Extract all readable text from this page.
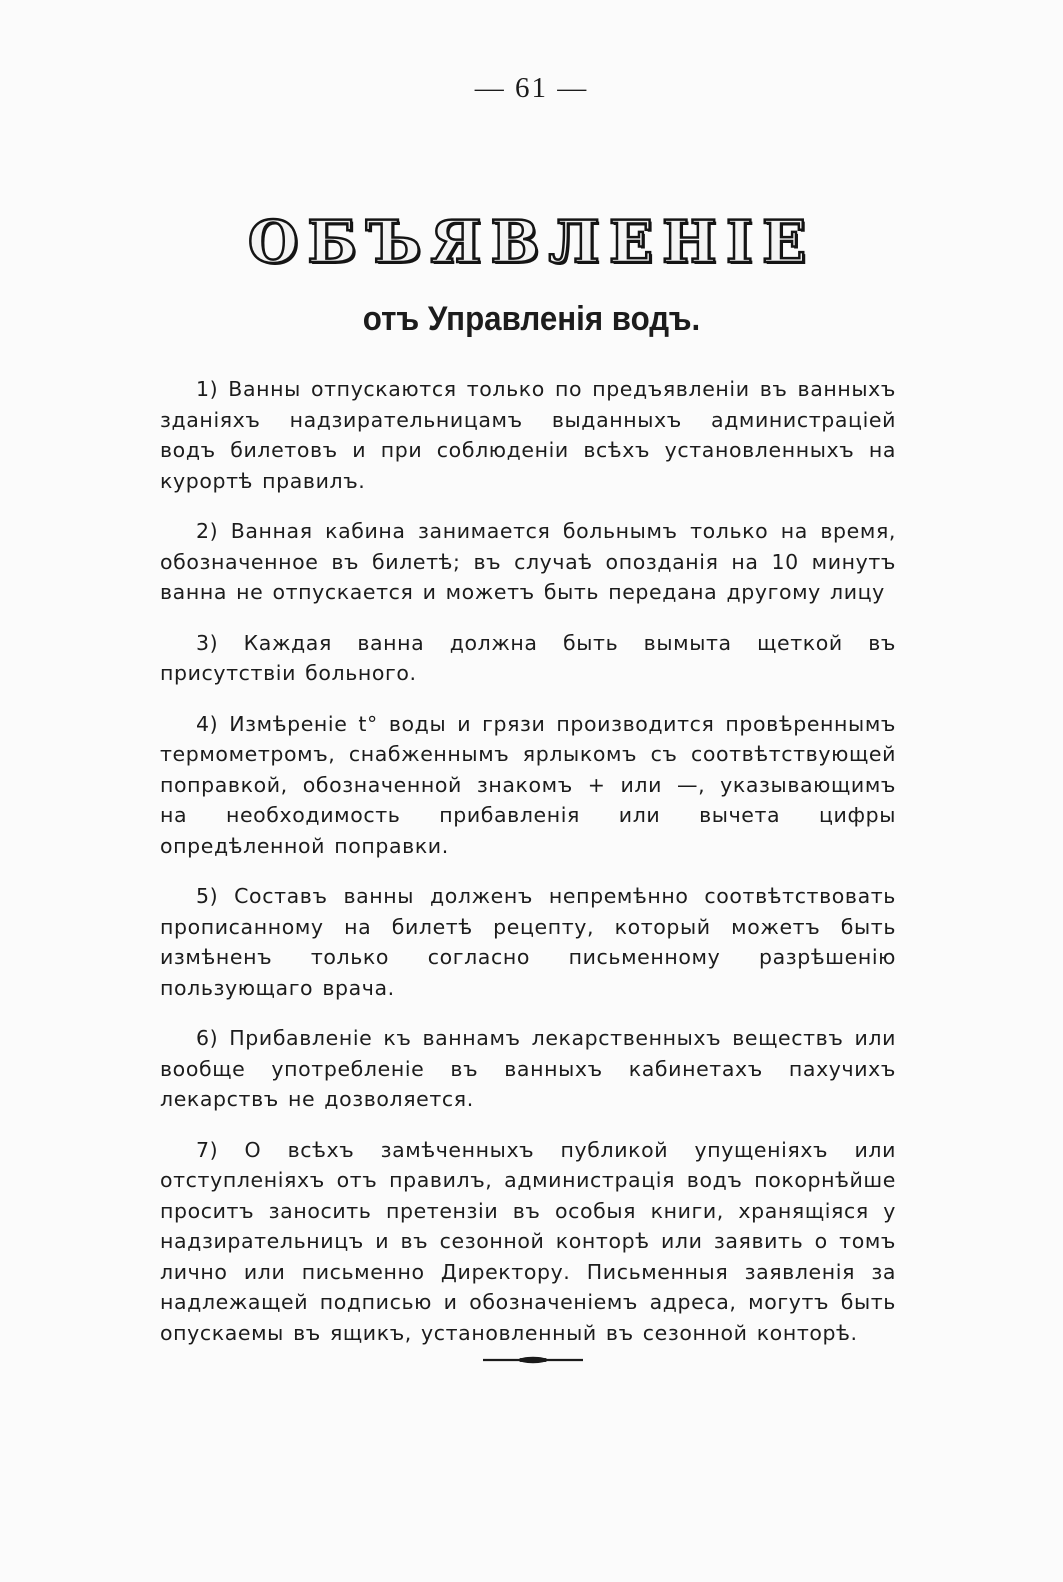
— 61 —
ОБЪЯВЛЕНІЕ
отъ Управленія водъ.

1) Ванны отпускаются только по предъявленіи въ ванныхъ зданіяхъ надзирательницамъ выданныхъ администраціей водъ билетовъ и при соблюденіи всѣхъ установленныхъ на курортѣ правилъ.

2) Ванная кабина занимается больнымъ только на время, обозначенное въ билетѣ; въ случаѣ опозданія на 10 минутъ ванна не отпускается и можетъ быть передана другому лицу

3) Каждая ванна должна быть вымыта щеткой въ присутствіи больного.

4) Измѣреніе t° воды и грязи производится провѣреннымъ термометромъ, снабженнымъ ярлыкомъ съ соотвѣтствующей поправкой, обозначенной знакомъ + или —, указывающимъ на необходимость прибавленія или вычета цифры опредѣленной поправки.

5) Составъ ванны долженъ непремѣнно соотвѣтствовать прописанному на билетѣ рецепту, который можетъ быть измѣненъ только согласно письменному разрѣшенію пользующаго врача.

6) Прибавленіе къ ваннамъ лекарственныхъ веществъ или вообще употребленіе въ ванныхъ кабинетахъ пахучихъ лекарствъ не дозволяется.

7) О всѣхъ замѣченныхъ публикой упущеніяхъ или отступленіяхъ отъ правилъ, администрація водъ покорнѣйше проситъ заносить претензіи въ особыя книги, хранящіяся у надзирательницъ и въ сезонной конторѣ или заявить о томъ лично или письменно Директору. Письменныя заявленія за надлежащей подписью и обозначеніемъ адреса, могутъ быть опускаемы въ ящикъ, установленный въ сезонной конторѣ.
